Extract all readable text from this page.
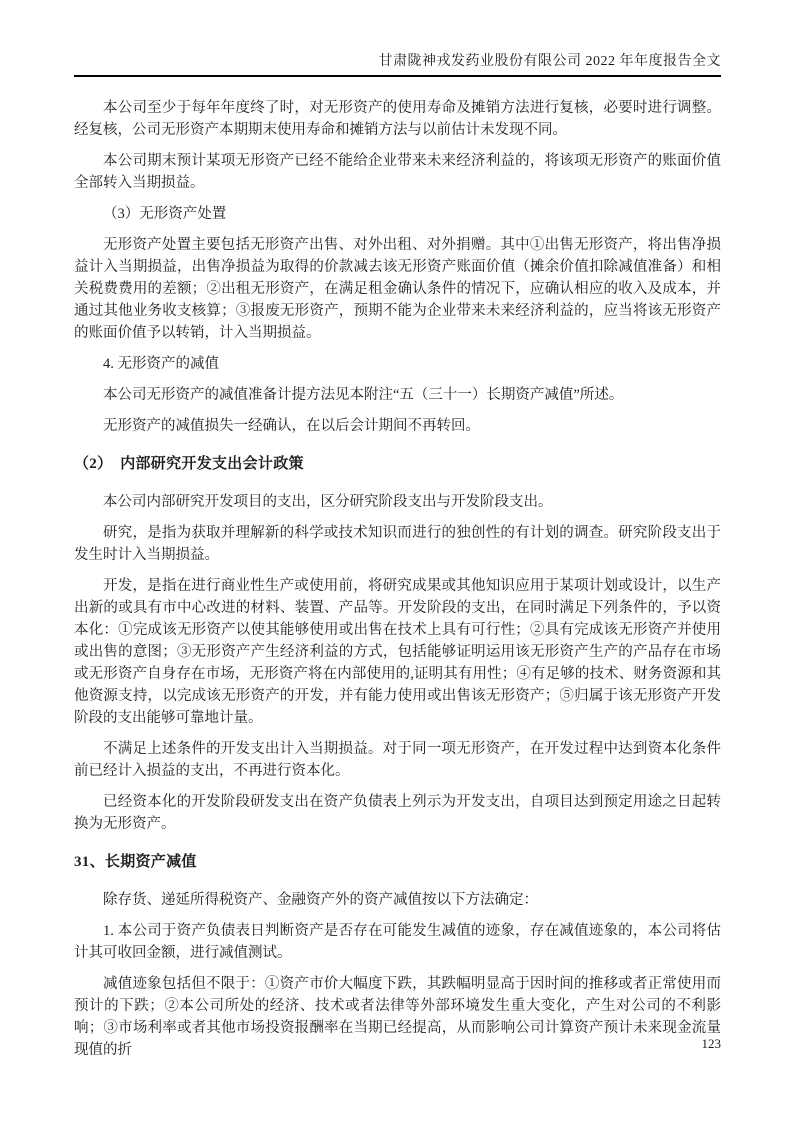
甘肃陇神戎发药业股份有限公司 2022 年年度报告全文

本公司至少于每年年度终了时，对无形资产的使用寿命及摊销方法进行复核，必要时进行调整。经复核，公司无形资产本期期末使用寿命和摊销方法与以前估计未发现不同。

本公司期末预计某项无形资产已经不能给企业带来未来经济利益的，将该项无形资产的账面价值全部转入当期损益。

（3）无形资产处置

无形资产处置主要包括无形资产出售、对外出租、对外捐赠。其中①出售无形资产，将出售净损益计入当期损益，出售净损益为取得的价款减去该无形资产账面价值（摊余价值扣除减值准备）和相关税费费用的差额；②出租无形资产，在满足租金确认条件的情况下，应确认相应的收入及成本，并通过其他业务收支核算；③报废无形资产，预期不能为企业带来未来经济利益的，应当将该无形资产的账面价值予以转销，计入当期损益。

4. 无形资产的减值

本公司无形资产的减值准备计提方法见本附注“五（三十一）长期资产减值”所述。

无形资产的减值损失一经确认，在以后会计期间不再转回。

（2）　内部研究开发支出会计政策

本公司内部研究开发项目的支出，区分研究阶段支出与开发阶段支出。

研究，是指为获取并理解新的科学或技术知识而进行的独创性的有计划的调查。研究阶段支出于发生时计入当期损益。

开发，是指在进行商业性生产或使用前，将研究成果或其他知识应用于某项计划或设计，以生产出新的或具有市中心改进的材料、装置、产品等。开发阶段的支出，在同时满足下列条件的，予以资本化：①完成该无形资产以使其能够使用或出售在技术上具有可行性；②具有完成该无形资产并使用或出售的意图；③无形资产产生经济利益的方式，包括能够证明运用该无形资产生产的产品存在市场或无形资产自身存在市场，无形资产将在内部使用的,证明其有用性；④有足够的技术、财务资源和其他资源支持，以完成该无形资产的开发，并有能力使用或出售该无形资产；⑤归属于该无形资产开发阶段的支出能够可靠地计量。

不满足上述条件的开发支出计入当期损益。对于同一项无形资产，在开发过程中达到资本化条件前已经计入损益的支出，不再进行资本化。

已经资本化的开发阶段研发支出在资产负债表上列示为开发支出，自项目达到预定用途之日起转换为无形资产。

31、长期资产减值

除存货、递延所得税资产、金融资产外的资产减值按以下方法确定：

1. 本公司于资产负债表日判断资产是否存在可能发生减值的迹象，存在减值迹象的，本公司将估计其可收回金额，进行减值测试。

减值迹象包括但不限于：①资产市价大幅度下跌，其跌幅明显高于因时间的推移或者正常使用而预计的下跌；②本公司所处的经济、技术或者法律等外部环境发生重大变化，产生对公司的不利影响；③市场利率或者其他市场投资报酬率在当期已经提高，从而影响公司计算资产预计未来现金流量现值的折	123
